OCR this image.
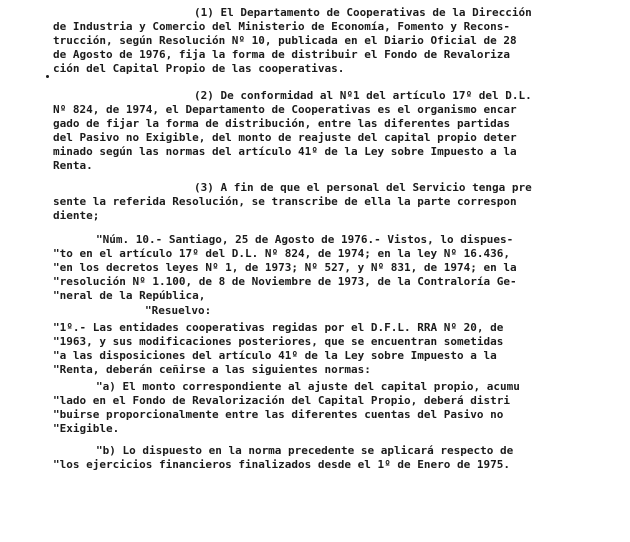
(1) El Departamento de Cooperativas de la Dirección
de Industria y Comercio del Ministerio de Economía, Fomento y Recons-
trucción, según Resolución Nº 10, publicada en el Diario Oficial de 28
de Agosto de 1976, fija la forma de distribuir el Fondo de Revaloriza
ción del Capital Propio de las cooperativas.
(2) De conformidad al Nº1 del artículo 17º del D.L.
Nº 824, de 1974, el Departamento de Cooperativas es el organismo encar
gado de fijar la forma de distribución, entre las diferentes partidas
del Pasivo no Exigible, del monto de reajuste del capital propio deter
minado según las normas del artículo 41º de la Ley sobre Impuesto a la
Renta.
(3) A fin de que el personal del Servicio tenga pre
sente la referida Resolución, se transcribe de ella la parte correspon
diente;
"Núm. 10.- Santiago, 25 de Agosto de 1976.- Vistos, lo dispues-
"to en el artículo 17º del D.L. Nº 824, de 1974; en la ley Nº 16.436,
"en los decretos leyes Nº 1, de 1973; Nº 527, y Nº 831, de 1974; en la
"resolución Nº 1.100, de 8 de Noviembre de 1973, de la Contraloría Ge-
"neral de la República,
"Resuelvo:
"1º.- Las entidades cooperativas regidas por el D.F.L. RRA Nº 20, de
"1963, y sus modificaciones posteriores, que se encuentran sometidas
"a las disposiciones del artículo 41º de la Ley sobre Impuesto a la
"Renta, deberán ceñirse a las siguientes normas:
"a) El monto correspondiente al ajuste del capital propio, acumu
"lado en el Fondo de Revalorización del Capital Propio, deberá distri
"buirse proporcionalmente entre las diferentes cuentas del Pasivo no
"Exigible.
"b) Lo dispuesto en la norma precedente se aplicará respecto de
"los ejercicios financieros finalizados desde el 1º de Enero de 1975.
